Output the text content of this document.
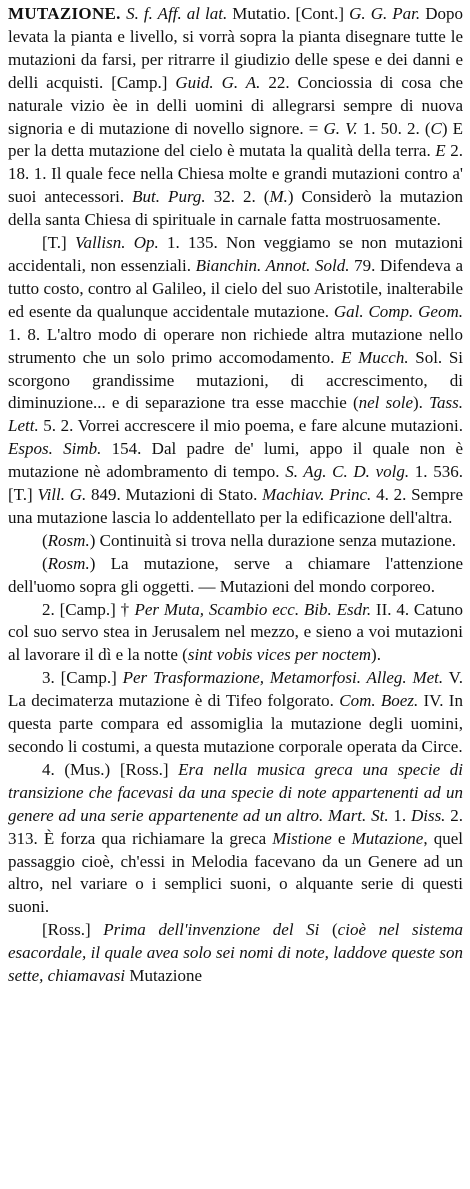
MUTAZIONE. S. f. Aff. al lat. Mutatio. [Cont.] G. G. Par. Dopo levata la pianta e livello, si vorrà sopra la pianta disegnare tutte le mutazioni da farsi, per ritrarre il giudizio delle spese e dei danni e delli acquisti. [Camp.] Guid. G. A. 22. Conciossia di cosa che naturale vizio èe in delli uomini di allegrarsi sempre di nuova signoria e di mutazione di novello signore. = G. V. 1. 50. 2. (C) E per la detta mutazione del cielo è mutata la qualità della terra. E 2. 18. 1. Il quale fece nella Chiesa molte e grandi mutazioni contro a' suoi antecessori. But. Purg. 32. 2. (M.) Considerò la mutazion della santa Chiesa di spirituale in carnale fatta mostruosamente.
[T.] Vallisn. Op. 1. 135. Non veggiamo se non mutazioni accidentali, non essenziali. Bianchin. Annot. Sold. 79. Difendeva a tutto costo, contro al Galileo, il cielo del suo Aristotile, inalterabile ed esente da qualunque accidentale mutazione. Gal. Comp. Geom. 1. 8. L'altro modo di operare non richiede altra mutazione nello strumento che un solo primo accomodamento. E Mucch. Sol. Si scorgono grandissime mutazioni, di accrescimento, di diminuzione... e di separazione tra esse macchie (nel sole). Tass. Lett. 5. 2. Vorrei accrescere il mio poema, e fare alcune mutazioni. Espos. Simb. 154. Dal padre de' lumi, appo il quale non è mutazione nè adombramento di tempo. S. Ag. C. D. volg. 1. 536. [T.] Vill. G. 849. Mutazioni di Stato. Machiav. Princ. 4. 2. Sempre una mutazione lascia lo addentellato per la edificazione dell'altra.
(Rosm.) Continuità si trova nella durazione senza mutazione.
(Rosm.) La mutazione, serve a chiamare l'attenzione dell'uomo sopra gli oggetti. — Mutazioni del mondo corporeo.
2. [Camp.] † Per Muta, Scambio ecc. Bib. Esdr. II. 4. Catuno col suo servo stea in Jerusalem nel mezzo, e sieno a voi mutazioni al lavorare il dì e la notte (sint vobis vices per noctem).
3. [Camp.] Per Trasformazione, Metamorfosi. Alleg. Met. V. La decimaterza mutazione è di Tifeo folgorato. Com. Boez. IV. In questa parte compara ed assomiglia la mutazione degli uomini, secondo li costumi, a questa mutazione corporale operata da Circe.
4. (Mus.) [Ross.] Era nella musica greca una specie di transizione che facevasi da una specie di note appartenenti ad un genere ad una serie appartenente ad un altro. Mart. St. 1. Diss. 2. 313. È forza qua richiamare la greca Mistione e Mutazione, quel passaggio cioè, ch'essi in Melodia facevano da un Genere ad un altro, nel variare o i semplici suoni, o alquante serie di questi suoni.
[Ross.] Prima dell'invenzione del Si (cioè nel sistema esacordale, il quale avea solo sei nomi di note, laddove queste son sette, chiamavasi Mutazione
